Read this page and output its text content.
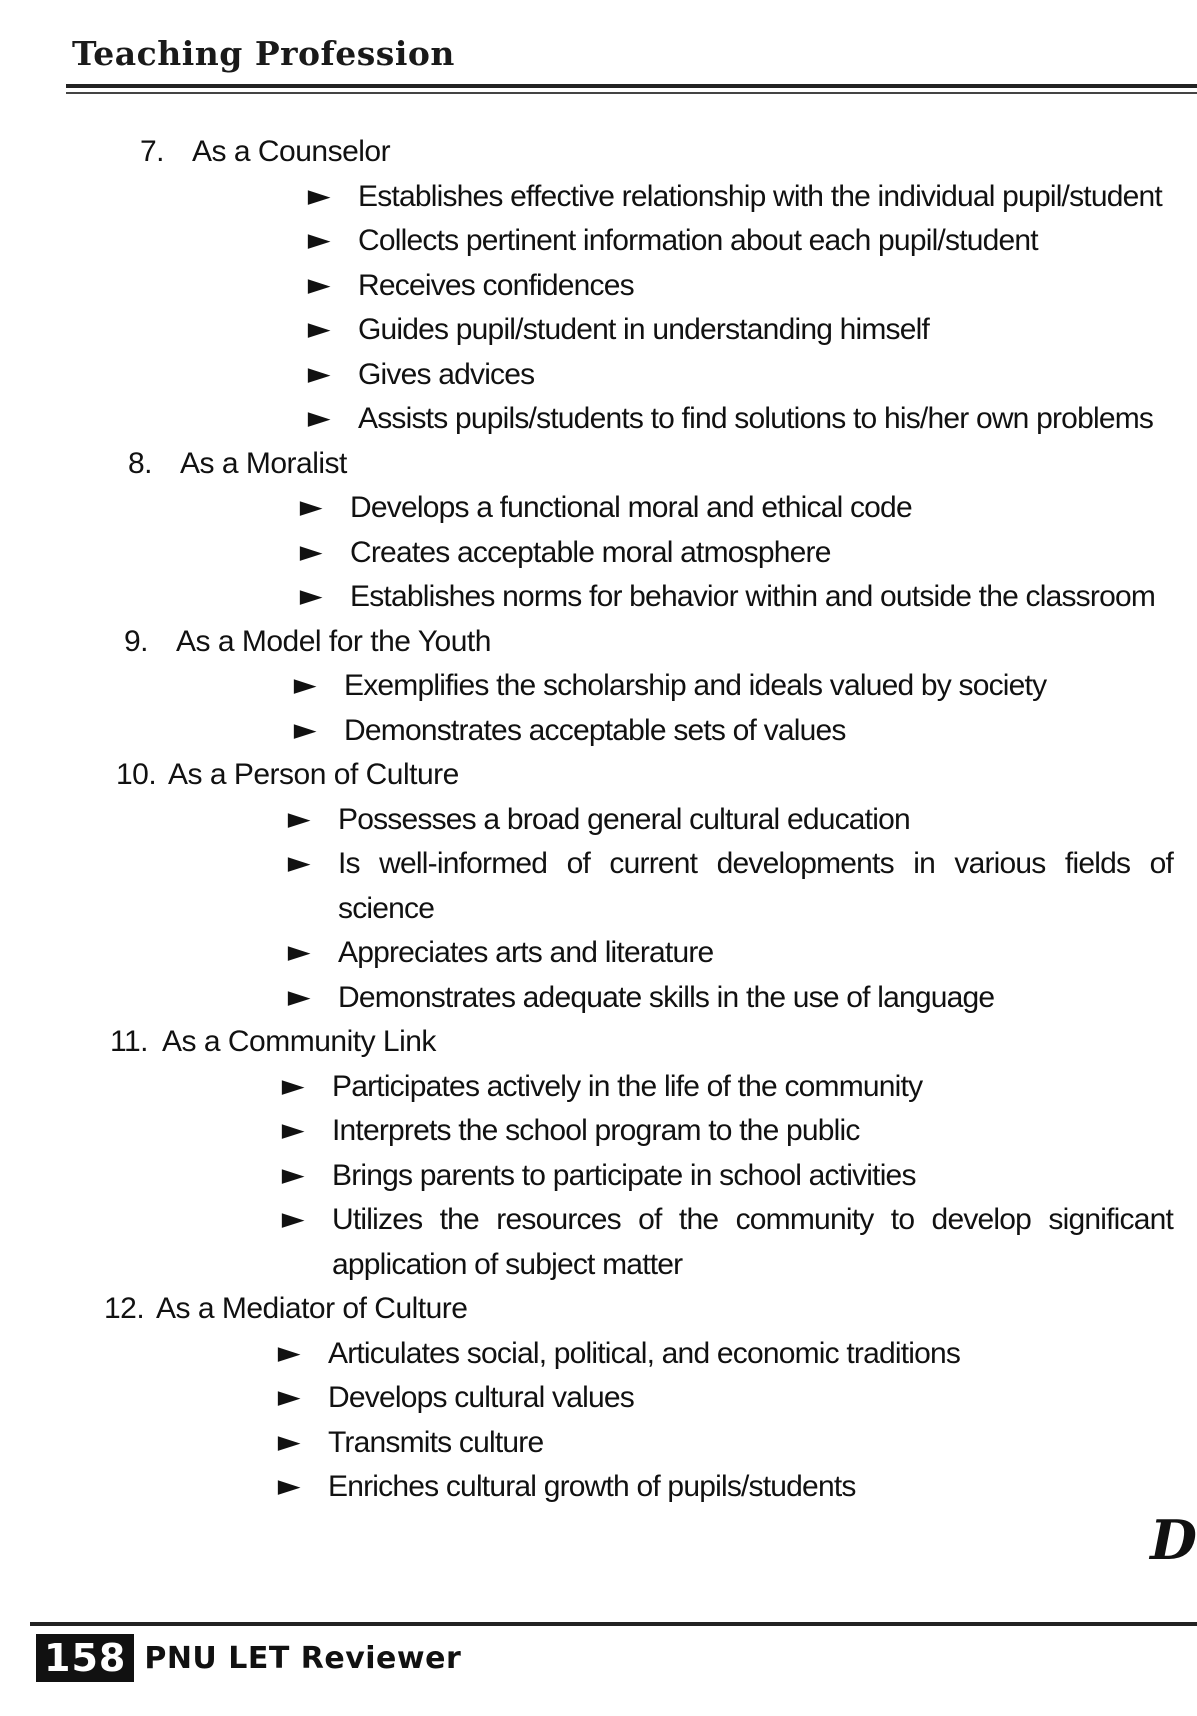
Teaching Profession
7. As a Counselor
▶ Establishes effective relationship with the individual pupil/student
▶ Collects pertinent information about each pupil/student
▶ Receives confidences
▶ Guides pupil/student in understanding himself
▶ Gives advices
▶ Assists pupils/students to find solutions to his/her own problems
8. As a Moralist
▶ Develops a functional moral and ethical code
▶ Creates acceptable moral atmosphere
▶ Establishes norms for behavior within and outside the classroom
9. As a Model for the Youth
▶ Exemplifies the scholarship and ideals valued by society
▶ Demonstrates acceptable sets of values
10. As a Person of Culture
▶ Possesses a broad general cultural education
▶ Is well-informed of current developments in various fields of science
▶ Appreciates arts and literature
▶ Demonstrates adequate skills in the use of language
11. As a Community Link
▶ Participates actively in the life of the community
▶ Interprets the school program to the public
▶ Brings parents to participate in school activities
▶ Utilizes the resources of the community to develop significant application of subject matter
12. As a Mediator of Culture
▶ Articulates social, political, and economic traditions
▶ Develops cultural values
▶ Transmits culture
▶ Enriches cultural growth of pupils/students
D
158 PNU LET Reviewer
